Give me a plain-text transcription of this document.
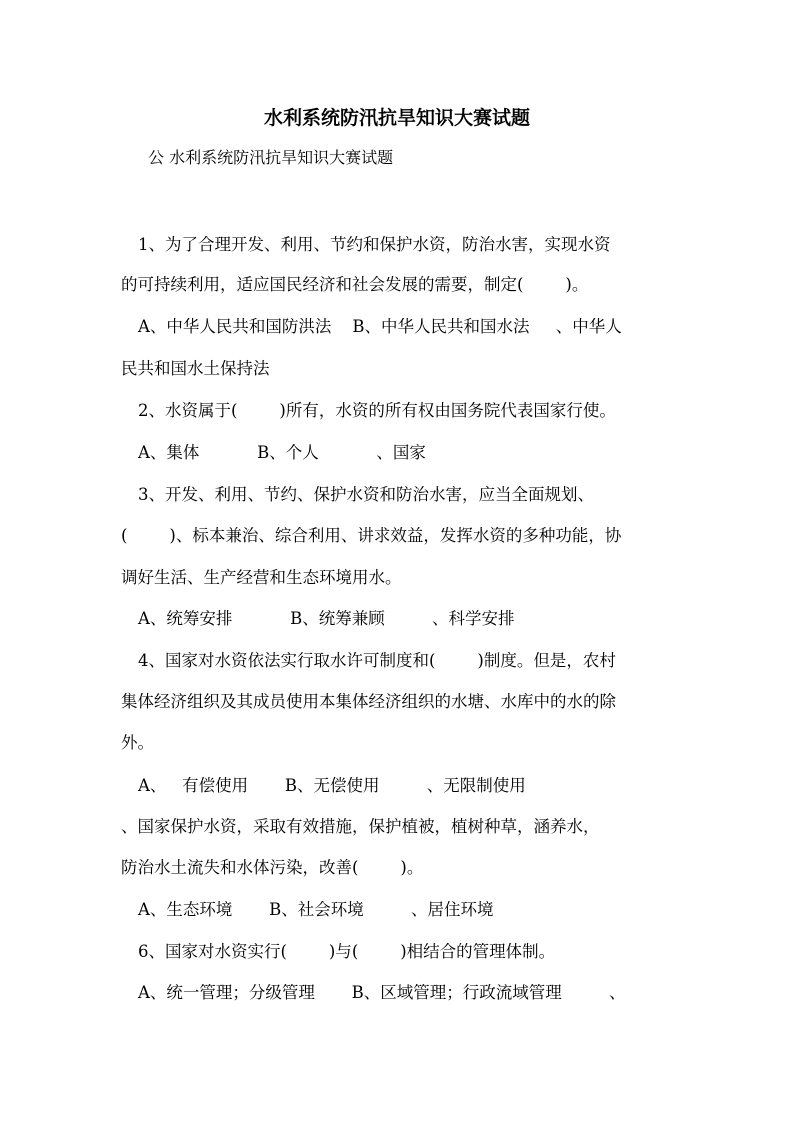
水利系统防汛抗旱知识大赛试题
公 水利系统防汛抗旱知识大赛试题
1、为了合理开发、利用、节约和保护水资，防治水害，实现水资
的可持续利用，适应国民经济和社会发展的需要，制定(        )。
A、中华人民共和国防洪法    B、中华人民共和国水法     、中华人
民共和国水土保持法
2、水资属于(        )所有，水资的所有权由国务院代表国家行使。
A、集体           B、个人           、国家
3、开发、利用、节约、保护水资和防治水害，应当全面规划、
(        )、标本兼治、综合利用、讲求效益，发挥水资的多种功能，协
调好生活、生产经营和生态环境用水。
A、统筹安排           B、统筹兼顾         、科学安排
4、国家对水资依法实行取水许可制度和(        )制度。但是，农村
集体经济组织及其成员使用本集体经济组织的水塘、水库中的水的除
外。
A、   有偿使用       B、无偿使用         、无限制使用
、国家保护水资，采取有效措施，保护植被，植树种草，涵养水，
防治水土流失和水体污染，改善(        )。
A、生态环境       B、社会环境         、居住环境
6、国家对水资实行(        )与(        )相结合的管理体制。
A、统一管理；分级管理       B、区域管理；行政流域管理         、
